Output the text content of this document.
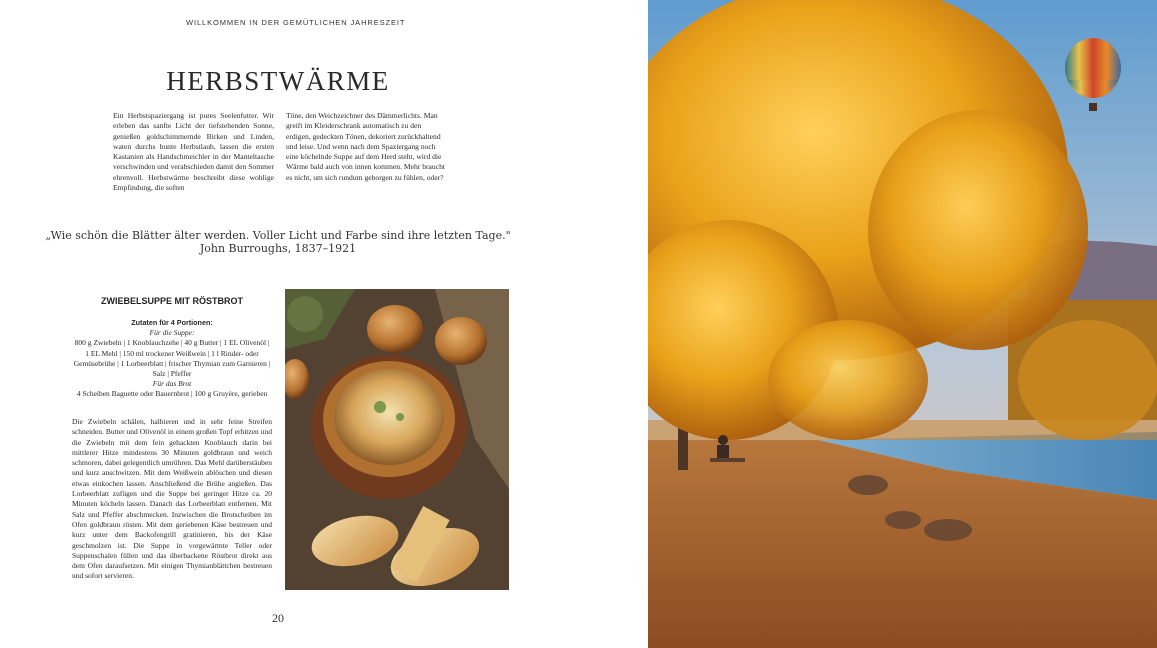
WILLKOMMEN IN DER GEMÜTLICHEN JAHRESZEIT
HERBSTWÄRME
Ein Herbstspaziergang ist pures Seelenfutter. Wir erleben das sanfte Licht der tiefstehenden Sonne, genießen goldschimmernde Birken und Linden, waten durchs bunte Herbstlaub, lassen die ersten Kastanien als Handschmeichler in der Manteltasche verschwinden und verabschieden damit den Sommer ehrenvoll. Herbstwärme beschreibt diese wohlige Empfindung, die soften
Töne, den Weichzeichner des Dämmerlichts. Man greift im Kleiderschrank automatisch zu den erdigen, gedeckten Tönen, dekoriert zurückhaltend und leise. Und wenn nach dem Spaziergang noch eine köchelnde Suppe auf dem Herd steht, wird die Wärme bald auch von innen kommen. Mehr braucht es nicht, um sich rundum geborgen zu fühlen, oder?
„Wie schön die Blätter älter werden. Voller Licht und Farbe sind ihre letzten Tage."
John Burroughs, 1837–1921
ZWIEBELSUPPE MIT RÖSTBROT
Zutaten für 4 Portionen:
Für die Suppe:
800 g Zwiebeln | 1 Knoblauchzehe | 40 g Butter | 1 EL Olivenöl | 1 EL Mehl | 150 ml trockener Weißwein | 1 l Rinder- oder Gemüsebrühe | 1 Lorbeerblatt | frischer Thymian zum Garnieren | Salz | Pfeffer
Für das Brot
4 Scheiben Baguette oder Bauernbrot | 100 g Gruyère, gerieben
Die Zwiebeln schälen, halbieren und in sehr feine Streifen schneiden. Butter und Olivenöl in einem großen Topf erhitzen und die Zwiebeln mit dem fein gehackten Knoblauch darin bei mittlerer Hitze mindestens 30 Minuten goldbraun und weich schmoren, dabei gelegentlich umrühren. Das Mehl darüberstäuben und kurz anschwitzen. Mit dem Weißwein ablöschen und diesen etwas einkochen lassen. Anschließend die Brühe angießen. Das Lorbeerblatt zufügen und die Suppe bei geringer Hitze ca. 20 Minuten köcheln lassen. Danach das Lorbeerblatt entfernen. Mit Salz und Pfeffer abschmecken. Inzwischen die Brotscheiben im Ofen goldbraun rösten. Mit dem geriebenen Käse bestreuen und kurz unter dem Backofengrill gratinieren, bis der Käse geschmolzen ist. Die Suppe in vorgewärmte Teller oder Suppenschalen füllen und das überbackene Röstbrot direkt aus dem Ofen daraufsetzen. Mit einigen Thymianblättchen bestreuen und sofort servieren.
20
